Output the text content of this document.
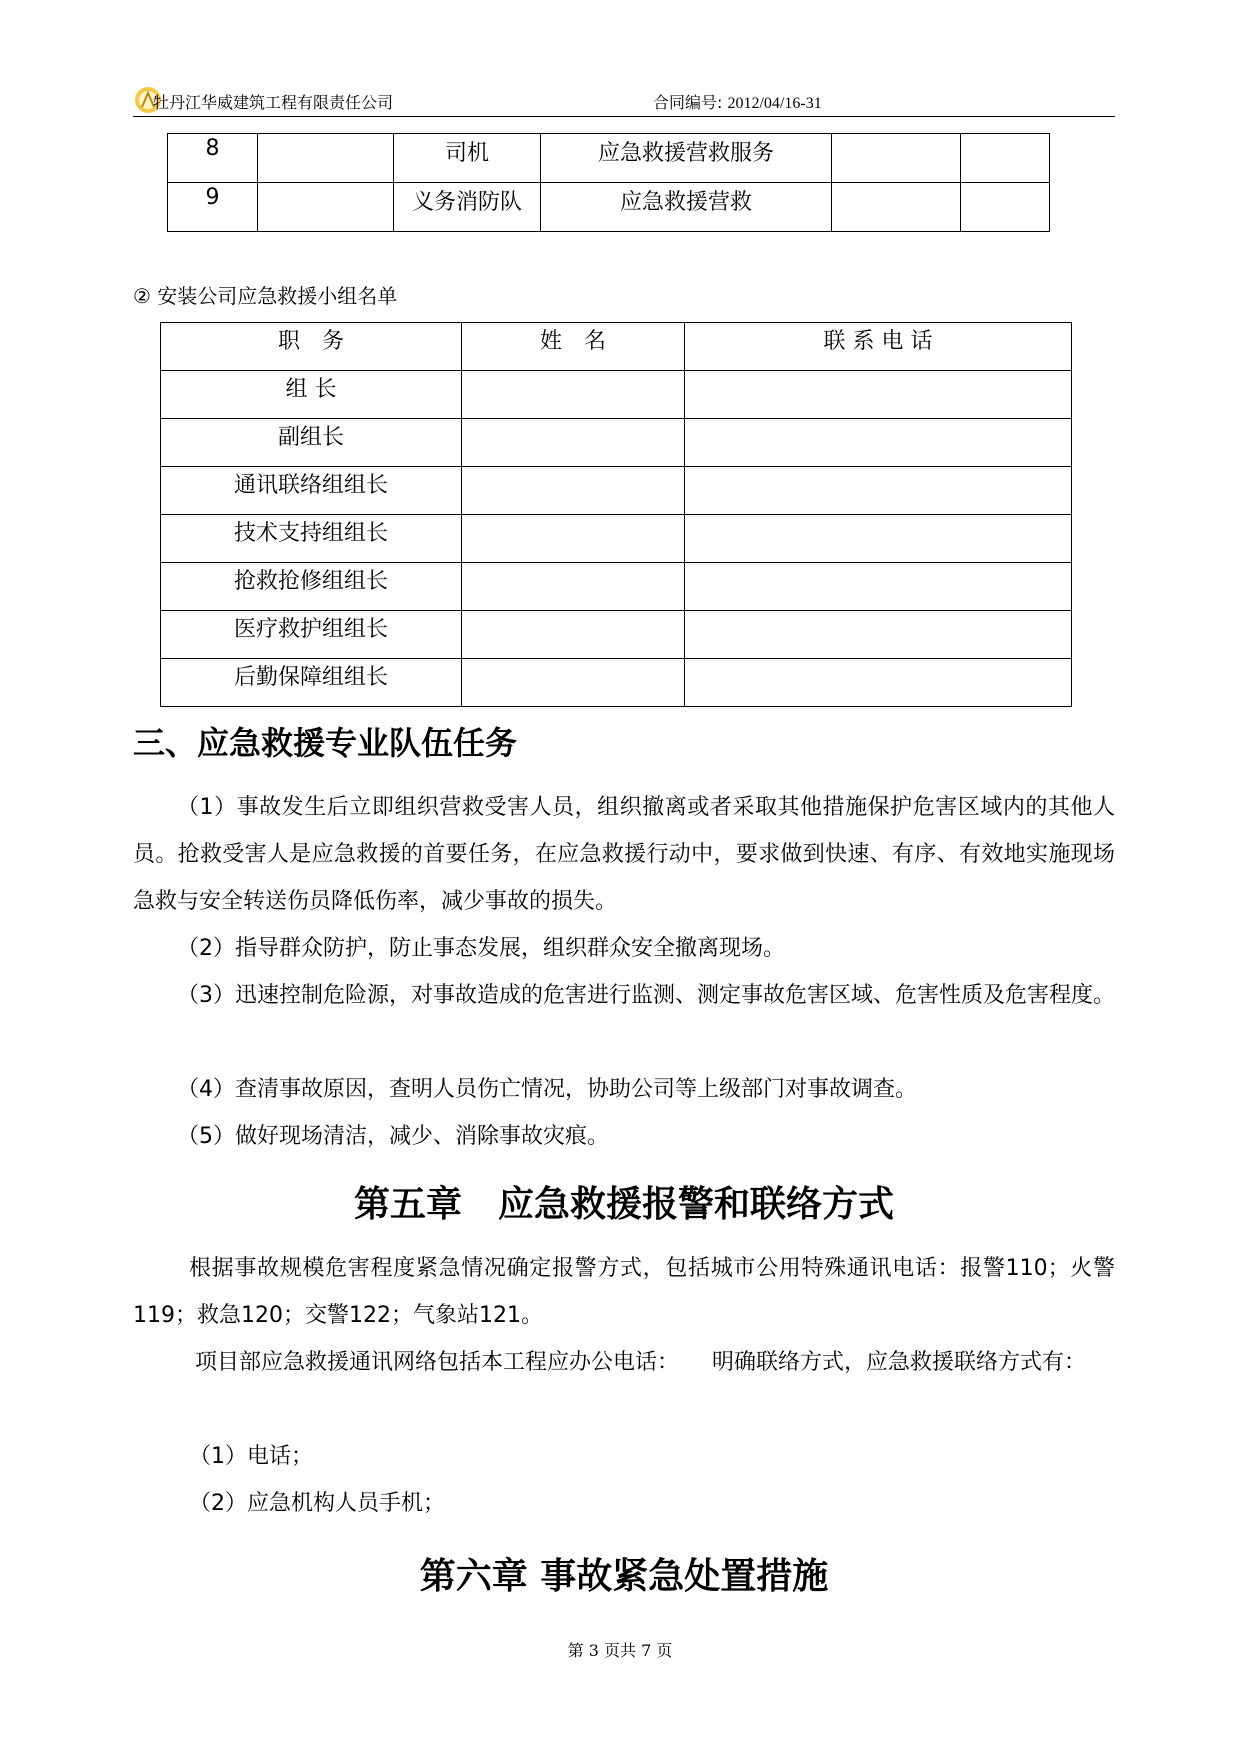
牡丹江华威建筑工程有限责任公司	合同编号: 2012/04/16-31
8		司机	应急救援营救服务		
9		义务消防队	应急救援营救		
② 安装公司应急救援小组名单
职　务	姓　名	联 系 电 话
组 长		
副组长		
通讯联络组组长		
技术支持组组长		
抢救抢修组组长		
医疗救护组组长		
后勤保障组组长		
三、应急救援专业队伍任务

（1）事故发生后立即组织营救受害人员，组织撤离或者采取其他措施保护危害区域内的其他人员。抢救受害人是应急救援的首要任务，在应急救援行动中，要求做到快速、有序、有效地实施现场急救与安全转送伤员降低伤率，减少事故的损失。

（2）指导群众防护，防止事态发展，组织群众安全撤离现场。

（3）迅速控制危险源，对事故造成的危害进行监测、测定事故危害区域、危害性质及危害程度。

（4）查清事故原因，查明人员伤亡情况，协助公司等上级部门对事故调查。

（5）做好现场清洁，减少、消除事故灾痕。

第五章　应急救援报警和联络方式

根据事故规模危害程度紧急情况确定报警方式，包括城市公用特殊通讯电话：报警110；火警119；救急120；交警122；气象站121。

项目部应急救援通讯网络包括本工程应办公电话：　　明确联络方式，应急救援联络方式有：

（1）电话；

（2）应急机构人员手机；

第六章 事故紧急处置措施
第 3 页共 7 页
